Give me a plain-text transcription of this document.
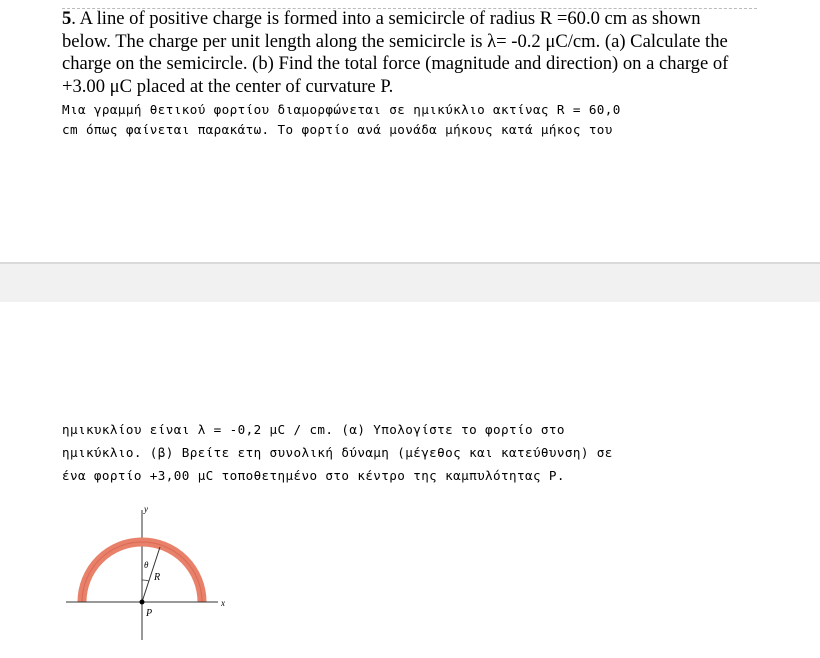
5. A line of positive charge is formed into a semicircle of radius R =60.0 cm as shown
below. The charge per unit length along the semicircle is λ= -0.2 μC/cm. (a) Calculate the
charge on the semicircle. (b) Find the total force (magnitude and direction) on a charge of
+3.00 μC placed at the center of curvature P.
Μια γραμμή θετικού φορτίου διαμορφώνεται σε ημικύκλιο ακτίνας R = 60,0
cm όπως φαίνεται παρακάτω. Το φορτίο ανά μονάδα μήκους κατά μήκος του
ημικυκλίου είναι λ = -0,2 μC / cm. (α) Υπολογίστε το φορτίο στο
ημικύκλιο. (β) Βρείτε ετη συνολική δύναμη (μέγεθος και κατεύθυνση) σε
ένα φορτίο +3,00 μC τοποθετημένο στο κέντρο της καμπυλότητας P.
y
x
θ
R
P
